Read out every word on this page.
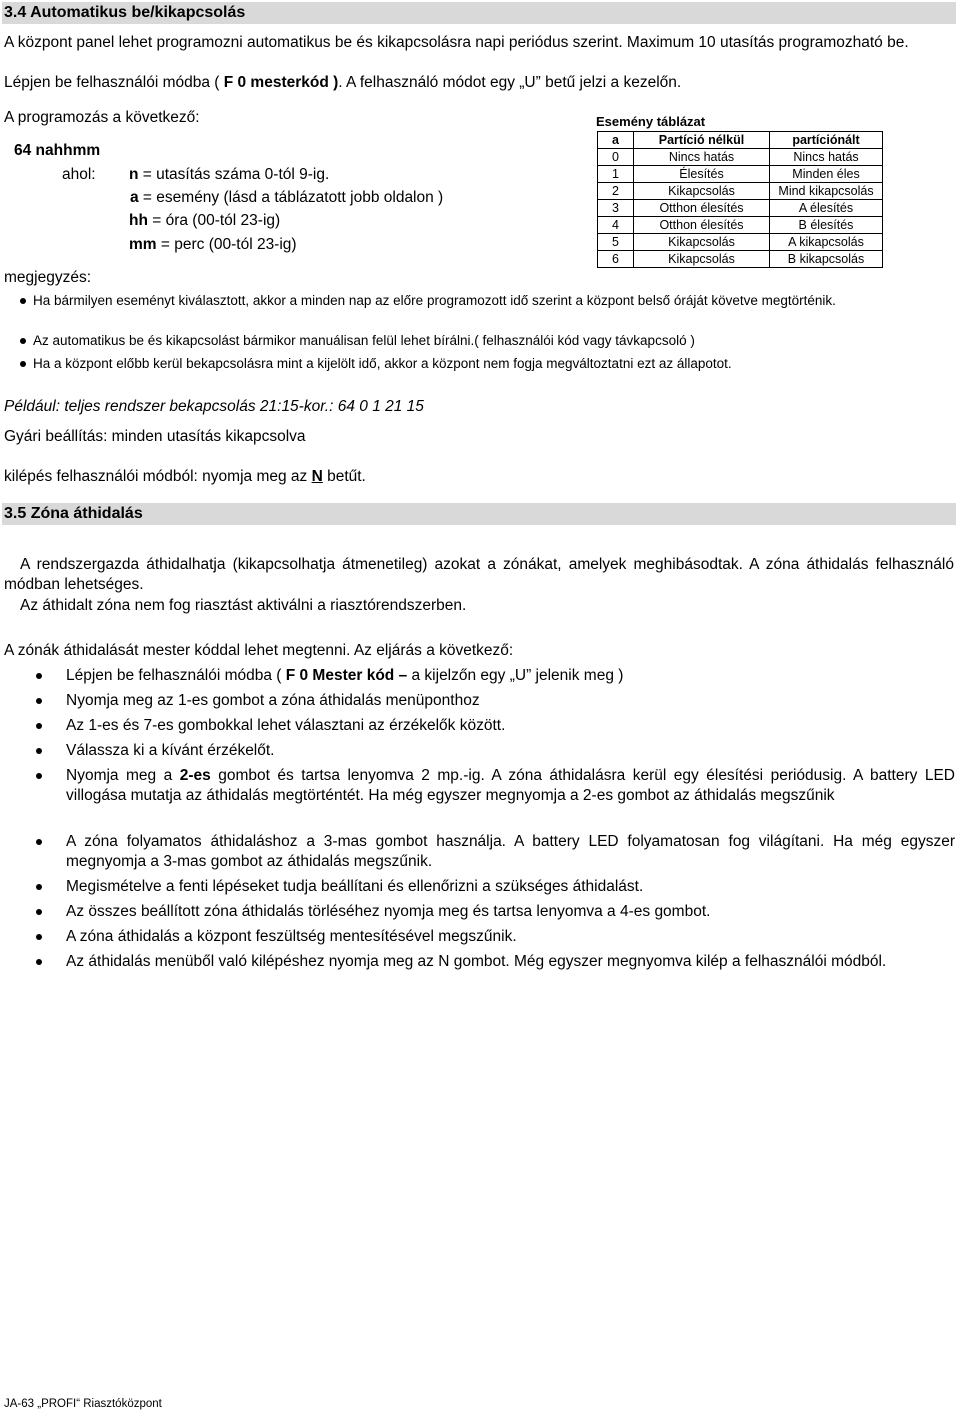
3.4 Automatikus be/kikapcsolás
A központ panel lehet programozni automatikus be és kikapcsolásra napi periódus szerint. Maximum 10 utasítás programozható be.
Lépjen be felhasználói módba ( F 0 mesterkód ). A felhasználó módot egy „U” betű jelzi a kezelőn.
A programozás a következő:
64 nahhmm
ahol: n = utasítás száma 0-tól 9-ig.
a = esemény (lásd a táblázatott jobb oldalon )
hh = óra (00-tól 23-ig)
mm = perc (00-tól 23-ig)
Esemény táblázat
a	Partíció nélkül	partíciónált
0	Nincs hatás	Nincs hatás
1	Élesítés	Minden éles
2	Kikapcsolás	Mind kikapcsolás
3	Otthon élesítés	A élesítés
4	Otthon élesítés	B élesítés
5	Kikapcsolás	A kikapcsolás
6	Kikapcsolás	B kikapcsolás
megjegyzés:
Ha bármilyen eseményt kiválasztott, akkor a minden nap az előre programozott idő szerint a központ belső óráját követve megtörténik.
Az automatikus be és kikapcsolást bármikor manuálisan felül lehet bírálni.( felhasználói kód vagy távkapcsoló )
Ha a központ előbb kerül bekapcsolásra mint a kijelölt idő, akkor a központ nem fogja megváltoztatni ezt az állapotot.
Például: teljes rendszer bekapcsolás 21:15-kor.: 64 0 1 21 15
Gyári beállítás: minden utasítás kikapcsolva
kilépés felhasználói módból: nyomja meg az N betűt.
3.5 Zóna áthidalás
A rendszergazda áthidalhatja (kikapcsolhatja átmenetileg) azokat a zónákat, amelyek meghibásodtak. A zóna áthidalás felhasználó módban lehetséges.
Az áthidalt zóna nem fog riasztást aktiválni a riasztórendszerben.
A zónák áthidalását mester kóddal lehet megtenni. Az eljárás a következő:
Lépjen be felhasználói módba ( F 0 Mester kód – a kijelzőn egy „U” jelenik meg )
Nyomja meg az 1-es gombot a zóna áthidalás menüponthoz
Az 1-es és 7-es gombokkal lehet választani az érzékelők között.
Válassza ki a kívánt érzékelőt.
Nyomja meg a 2-es gombot és tartsa lenyomva 2 mp.-ig. A zóna áthidalásra kerül egy élesítési periódusig. A battery LED villogása mutatja az áthidalás megtörténtét. Ha még egyszer megnyomja a 2-es gombot az áthidalás megszűnik
A zóna folyamatos áthidaláshoz a 3-mas gombot használja. A battery LED folyamatosan fog világítani. Ha még egyszer megnyomja a 3-mas gombot az áthidalás megszűnik.
Megismételve a fenti lépéseket tudja beállítani és ellenőrizni a szükséges áthidalást.
Az összes beállított zóna áthidalás törléséhez nyomja meg és tartsa lenyomva a 4-es gombot.
A zóna áthidalás a központ feszültség mentesítésével megszűnik.
Az áthidalás menüből való kilépéshez nyomja meg az N gombot. Még egyszer megnyomva kilép a felhasználói módból.
JA-63 „PROFI“ Riasztóközpont
